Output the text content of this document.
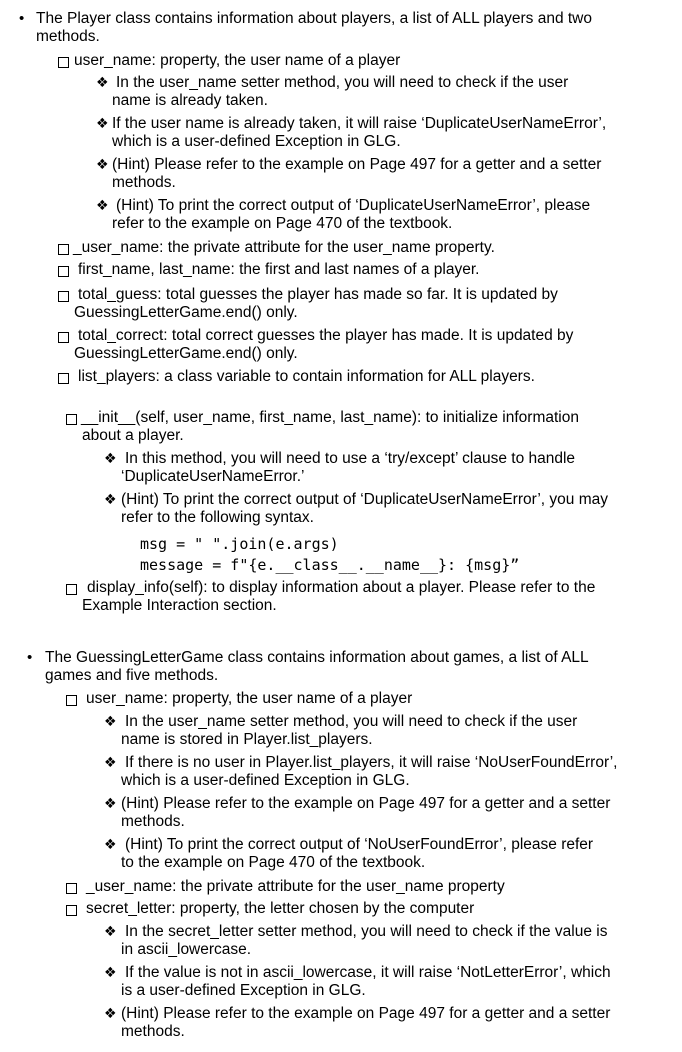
• The Player class contains information about players, a list of ALL players and two
methods.
user_name: property, the user name of a player
❖ In the user_name setter method, you will need to check if the user
name is already taken.
❖ If the user name is already taken, it will raise ‘DuplicateUserNameError’,
which is a user-defined Exception in GLG.
❖ (Hint) Please refer to the example on Page 497 for a getter and a setter
methods.
❖ (Hint) To print the correct output of ‘DuplicateUserNameError’, please
refer to the example on Page 470 of the textbook.
_user_name: the private attribute for the user_name property.
first_name, last_name: the first and last names of a player.
total_guess: total guesses the player has made so far. It is updated by
GuessingLetterGame.end() only.
total_correct: total correct guesses the player has made. It is updated by
GuessingLetterGame.end() only.
list_players: a class variable to contain information for ALL players.
__init__(self, user_name, first_name, last_name): to initialize information
about a player.
❖ In this method, you will need to use a ‘try/except’ clause to handle
‘DuplicateUserNameError.’
❖ (Hint) To print the correct output of ‘DuplicateUserNameError’, you may
refer to the following syntax.
msg = " ".join(e.args)
message = f"{e.__class__.__name__}: {msg}”
display_info(self): to display information about a player. Please refer to the
Example Interaction section.
• The GuessingLetterGame class contains information about games, a list of ALL
games and five methods.
user_name: property, the user name of a player
❖ In the user_name setter method, you will need to check if the user
name is stored in Player.list_players.
❖ If there is no user in Player.list_players, it will raise ‘NoUserFoundError’,
which is a user-defined Exception in GLG.
❖ (Hint) Please refer to the example on Page 497 for a getter and a setter
methods.
❖ (Hint) To print the correct output of ‘NoUserFoundError’, please refer
to the example on Page 470 of the textbook.
_user_name: the private attribute for the user_name property
secret_letter: property, the letter chosen by the computer
❖ In the secret_letter setter method, you will need to check if the value is
in ascii_lowercase.
❖ If the value is not in ascii_lowercase, it will raise ‘NotLetterError’, which
is a user-defined Exception in GLG.
❖ (Hint) Please refer to the example on Page 497 for a getter and a setter
methods.
